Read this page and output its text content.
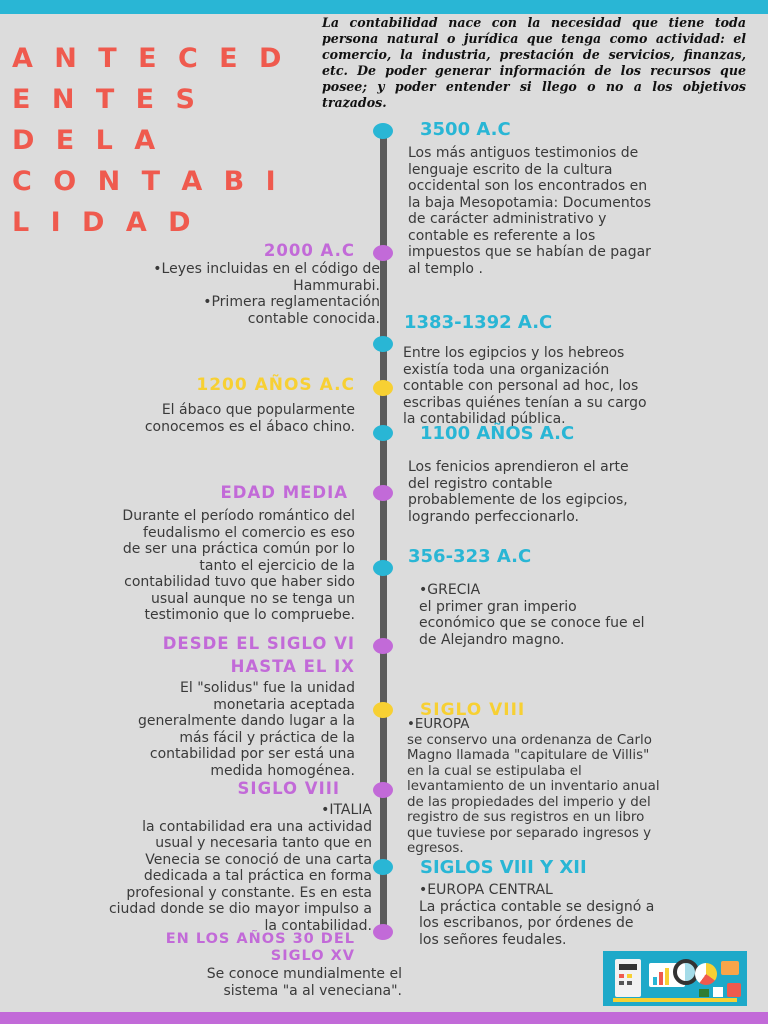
A N T E C E D E N T E S
D E L A
C O N T A B I L I D A D

La contabilidad nace con la necesidad que tiene toda persona natural o jurídica que tenga como actividad: el comercio, la industria, prestación de servicios, finanzas, etc. De poder generar información de los recursos que posee; y poder entender si llego o no a los objetivos trazados.

3500 A.C

Los más antiguos testimonios de
lenguaje escrito de la cultura
occidental son los encontrados en
la baja Mesopotamia: Documentos
de carácter administrativo y
contable es referente a los
impuestos que se habían de pagar
al templo .

1383-1392 A.C

Entre los egipcios y los hebreos
existía toda una organización
contable con personal ad hoc, los
escribas quiénes tenían a su cargo
la contabilidad pública.

1100 AÑOS A.C

Los fenicios aprendieron el arte
del registro contable
probablemente de los egipcios,
logrando perfeccionarlo.

356-323 A.C

•GRECIA
el primer gran imperio
económico que se conoce fue el
de Alejandro magno.

SIGLO VIII

•EUROPA
se conservo una ordenanza de Carlo
Magno llamada "capitulare de Villis"
en la cual se estipulaba el
levantamiento de un inventario anual
de las propiedades del imperio y del
registro de sus registros en un libro
que tuviese por separado ingresos y
egresos.

SIGLOS VIII Y XII

•EUROPA CENTRAL
La práctica contable se designó a
los escribanos, por órdenes de
los señores feudales.

2000 A.C

•Leyes incluidas en el código de
Hammurabi.
•Primera reglamentación
contable conocida.

1200 AÑOS A.C

El ábaco que popularmente
conocemos es el ábaco chino.

EDAD MEDIA

Durante el período romántico del
feudalismo el comercio es eso
de ser una práctica común por lo
tanto el ejercicio de la
contabilidad tuvo que haber sido
usual aunque no se tenga un
testimonio que lo compruebe.

DESDE EL SIGLO VI
HASTA EL IX

El "solidus" fue la unidad
monetaria aceptada
generalmente dando lugar a la
más fácil y práctica de la
contabilidad por ser está una
medida homogénea.

SIGLO VIII

•ITALIA
la contabilidad era una actividad
usual y necesaria tanto que en
Venecia se conoció de una carta
dedicada a tal práctica en forma
profesional y constante. Es en esta
ciudad donde se dio mayor impulso a
la contabilidad.

EN LOS AÑOS 30 DEL
SIGLO XV

Se conoce mundialmente el
sistema "a al veneciana".
